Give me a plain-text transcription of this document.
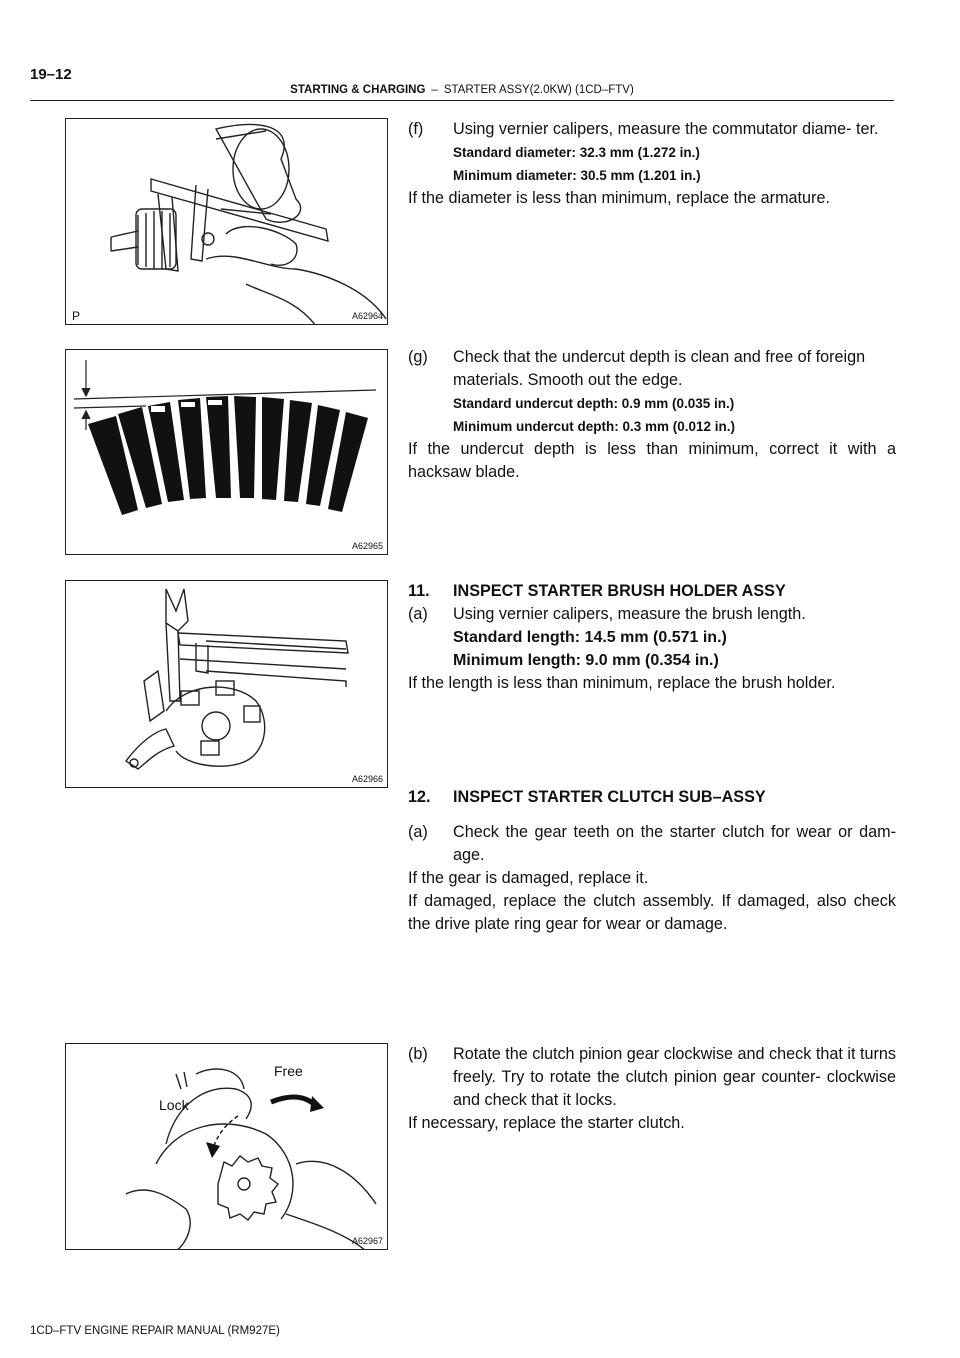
19–12
STARTING & CHARGING – STARTER ASSY(2.0KW) (1CD–FTV)
P	A62964
A62965
A62966
Free
Lock
A62967
(f)	Using vernier calipers, measure the commutator diame- ter.
Standard diameter: 32.3 mm (1.272 in.)
Minimum diameter: 30.5 mm (1.201 in.)
If the diameter is less than minimum, replace the armature.
(g)	Check that the undercut depth is clean and free of foreign materials. Smooth out the edge.
Standard undercut depth: 0.9 mm (0.035 in.)
Minimum undercut depth: 0.3 mm (0.012 in.)
If the undercut depth is less than minimum, correct it with a hacksaw blade.
11.	INSPECT STARTER BRUSH HOLDER ASSY
(a)	Using vernier calipers, measure the brush length.
Standard length: 14.5 mm (0.571 in.)
Minimum length: 9.0 mm (0.354 in.)
If the length is less than minimum, replace the brush holder.
12.	INSPECT STARTER CLUTCH SUB–ASSY
(a)	Check the gear teeth on the starter clutch for wear or dam- age.
If the gear is damaged, replace it.
If damaged, replace the clutch assembly. If damaged, also check the drive plate ring gear for wear or damage.
(b)	Rotate the clutch pinion gear clockwise and check that it turns freely. Try to rotate the clutch pinion gear counter- clockwise and check that it locks.
If necessary, replace the starter clutch.
1CD–FTV ENGINE REPAIR MANUAL (RM927E)
